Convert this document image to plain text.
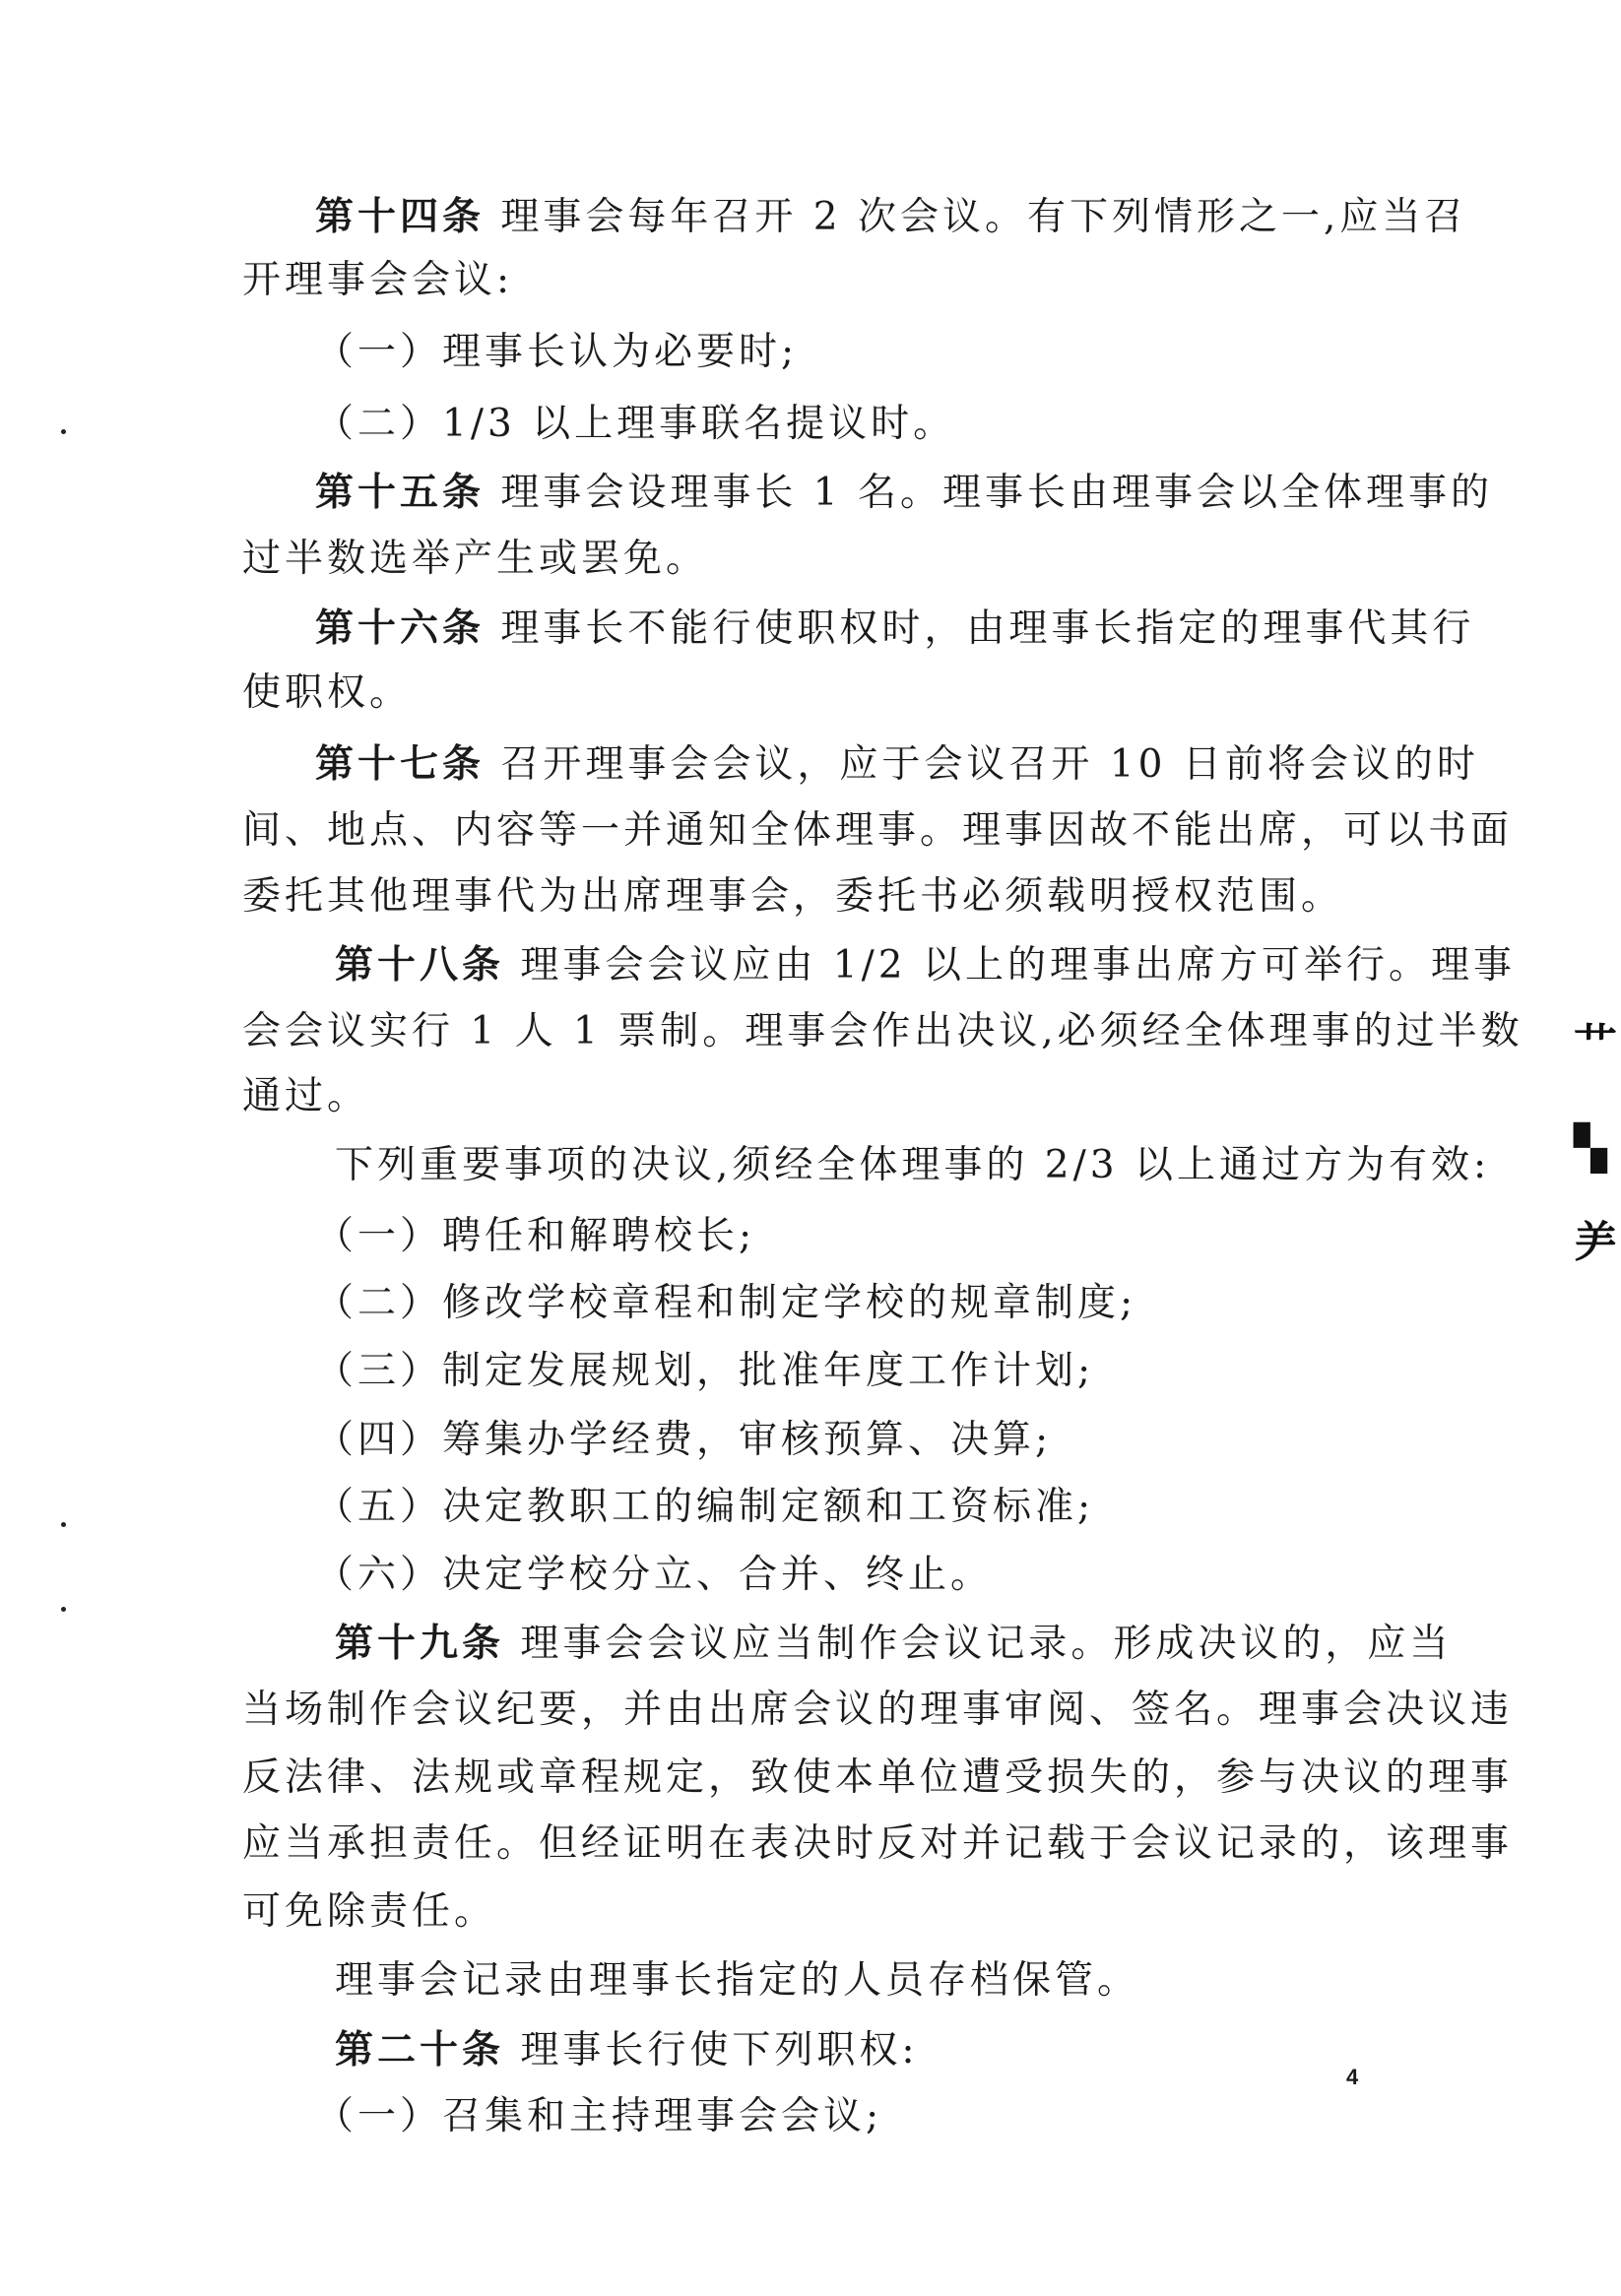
第十四条 理事会每年召开 2 次会议。有下列情形之一,应当召
开理事会会议:
（一）理事长认为必要时;
（二）1/3 以上理事联名提议时。
第十五条 理事会设理事长 1 名。理事长由理事会以全体理事的
过半数选举产生或罢免。
第十六条 理事长不能行使职权时，由理事长指定的理事代其行
使职权。
第十七条 召开理事会会议，应于会议召开 10 日前将会议的时
间、地点、内容等一并通知全体理事。理事因故不能出席，可以书面
委托其他理事代为出席理事会，委托书必须载明授权范围。
第十八条 理事会会议应由 1/2 以上的理事出席方可举行。理事
会会议实行 1 人 1 票制。理事会作出决议,必须经全体理事的过半数
通过。
下列重要事项的决议,须经全体理事的 2/3 以上通过方为有效:
（一）聘任和解聘校长;
（二）修改学校章程和制定学校的规章制度;
（三）制定发展规划，批准年度工作计划;
（四）筹集办学经费，审核预算、决算;
（五）决定教职工的编制定额和工资标准;
（六）决定学校分立、合并、终止。
第十九条 理事会会议应当制作会议记录。形成决议的，应当
当场制作会议纪要，并由出席会议的理事审阅、签名。理事会决议违
反法律、法规或章程规定，致使本单位遭受损失的，参与决议的理事
应当承担责任。但经证明在表决时反对并记载于会议记录的，该理事
可免除责任。
理事会记录由理事长指定的人员存档保管。
第二十条 理事长行使下列职权:
（一）召集和主持理事会会议;
4
⺾
▚
⺶
